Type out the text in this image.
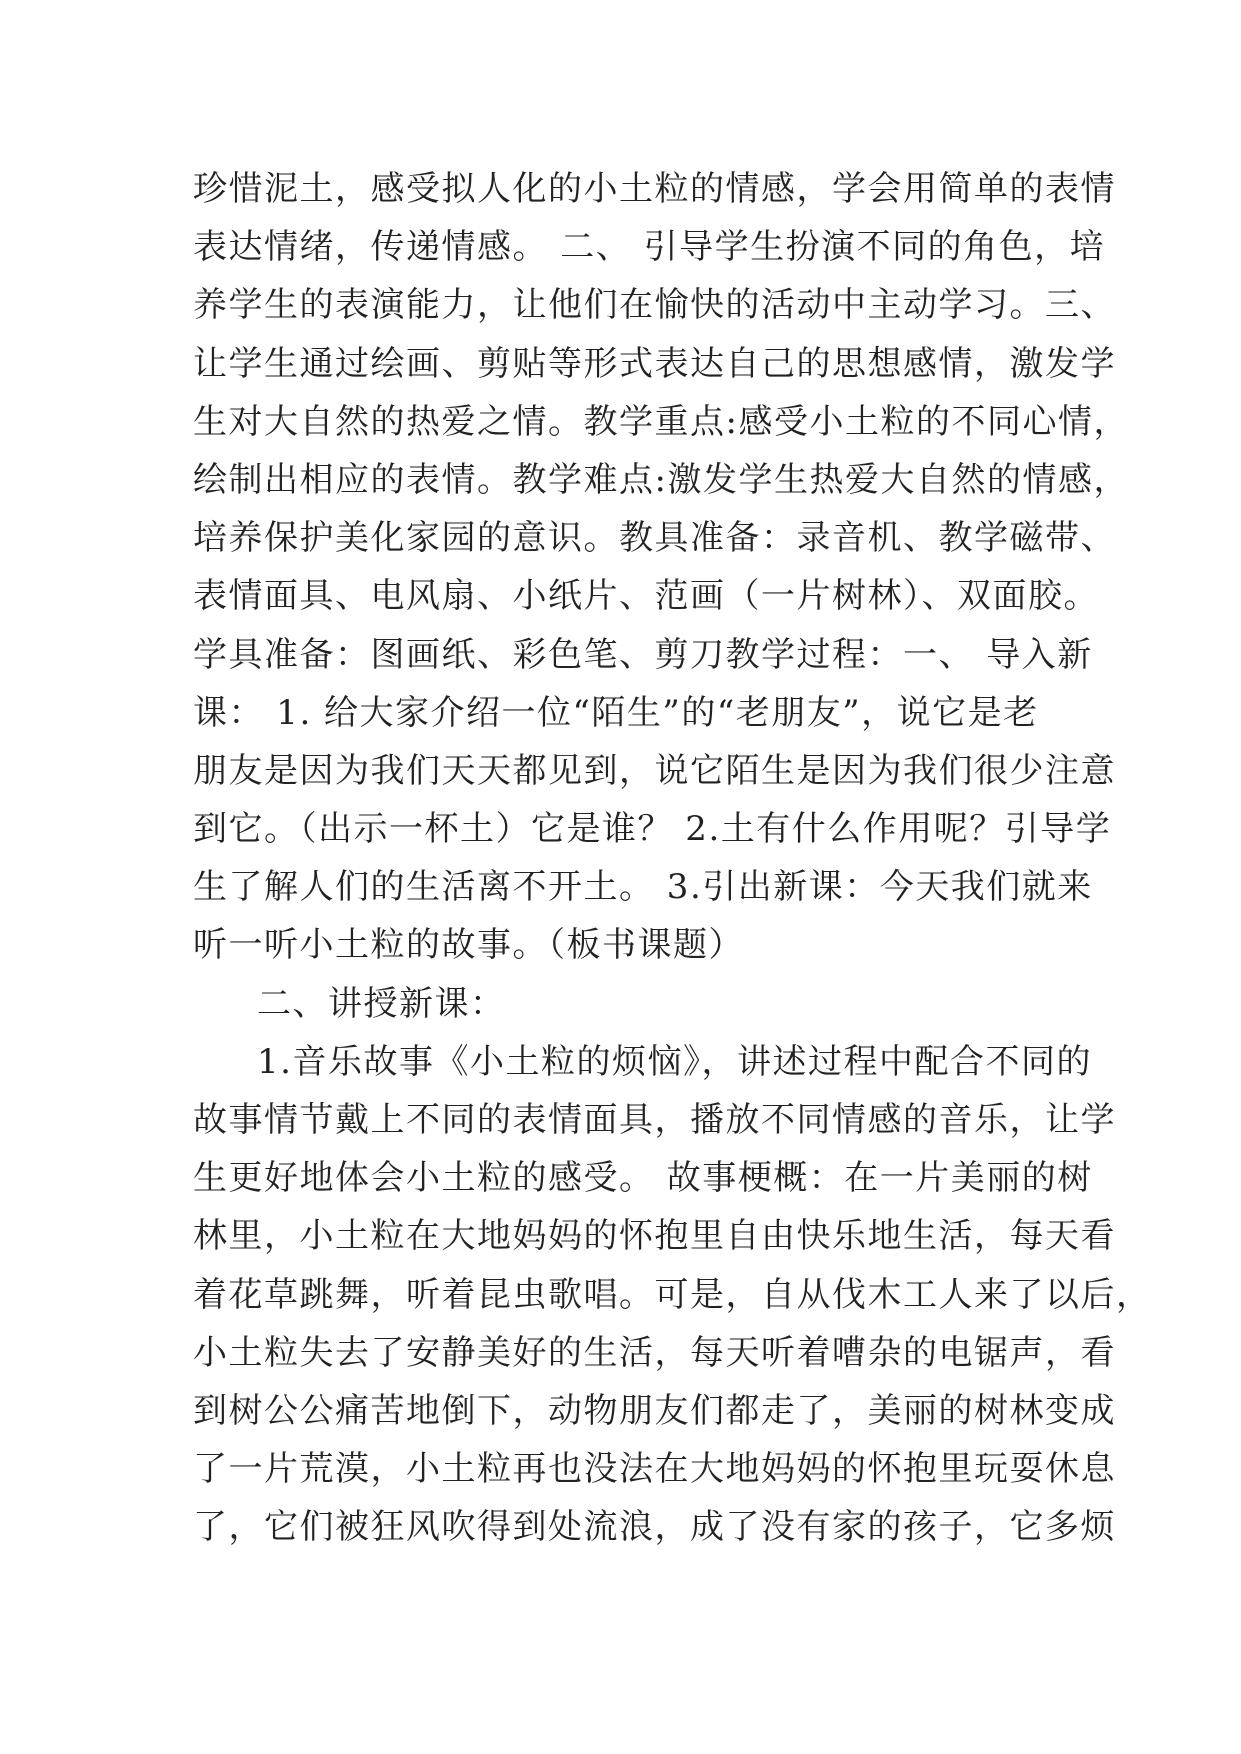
珍惜泥土，感受拟人化的小土粒的情感，学会用简单的表情
表达情绪，传递情感。 二、 引导学生扮演不同的角色，培
养学生的表演能力，让他们在愉快的活动中主动学习。三、
让学生通过绘画、剪贴等形式表达自己的思想感情，激发学
生对大自然的热爱之情。教学重点:感受小土粒的不同心情，
绘制出相应的表情。教学难点:激发学生热爱大自然的情感，
培养保护美化家园的意识。教具准备：录音机、教学磁带、
表情面具、电风扇、小纸片、范画（一片树林）、双面胶。
学具准备：图画纸、彩色笔、剪刀教学过程：一、 导入新
课： 1. 给大家介绍一位“陌生”的“老朋友”，说它是老
朋友是因为我们天天都见到，说它陌生是因为我们很少注意
到它。（出示一杯土）它是谁？ 2.土有什么作用呢？引导学
生了解人们的生活离不开土。 3.引出新课：今天我们就来
听一听小土粒的故事。（板书课题）
二、讲授新课：
1.音乐故事《小土粒的烦恼》，讲述过程中配合不同的
故事情节戴上不同的表情面具，播放不同情感的音乐，让学
生更好地体会小土粒的感受。 故事梗概：在一片美丽的树
林里，小土粒在大地妈妈的怀抱里自由快乐地生活，每天看
着花草跳舞，听着昆虫歌唱。可是，自从伐木工人来了以后，
小土粒失去了安静美好的生活，每天听着嘈杂的电锯声，看
到树公公痛苦地倒下，动物朋友们都走了，美丽的树林变成
了一片荒漠，小土粒再也没法在大地妈妈的怀抱里玩耍休息
了，它们被狂风吹得到处流浪，成了没有家的孩子，它多烦
